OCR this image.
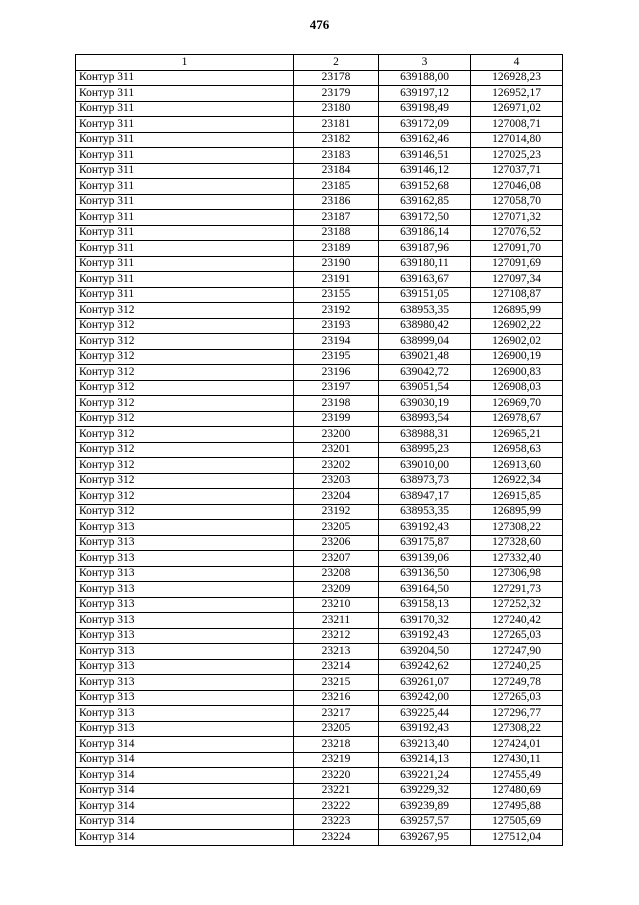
476
1	2	3	4
Контур 311	23178	639188,00	126928,23
Контур 311	23179	639197,12	126952,17
Контур 311	23180	639198,49	126971,02
Контур 311	23181	639172,09	127008,71
Контур 311	23182	639162,46	127014,80
Контур 311	23183	639146,51	127025,23
Контур 311	23184	639146,12	127037,71
Контур 311	23185	639152,68	127046,08
Контур 311	23186	639162,85	127058,70
Контур 311	23187	639172,50	127071,32
Контур 311	23188	639186,14	127076,52
Контур 311	23189	639187,96	127091,70
Контур 311	23190	639180,11	127091,69
Контур 311	23191	639163,67	127097,34
Контур 311	23155	639151,05	127108,87
Контур 312	23192	638953,35	126895,99
Контур 312	23193	638980,42	126902,22
Контур 312	23194	638999,04	126902,02
Контур 312	23195	639021,48	126900,19
Контур 312	23196	639042,72	126900,83
Контур 312	23197	639051,54	126908,03
Контур 312	23198	639030,19	126969,70
Контур 312	23199	638993,54	126978,67
Контур 312	23200	638988,31	126965,21
Контур 312	23201	638995,23	126958,63
Контур 312	23202	639010,00	126913,60
Контур 312	23203	638973,73	126922,34
Контур 312	23204	638947,17	126915,85
Контур 312	23192	638953,35	126895,99
Контур 313	23205	639192,43	127308,22
Контур 313	23206	639175,87	127328,60
Контур 313	23207	639139,06	127332,40
Контур 313	23208	639136,50	127306,98
Контур 313	23209	639164,50	127291,73
Контур 313	23210	639158,13	127252,32
Контур 313	23211	639170,32	127240,42
Контур 313	23212	639192,43	127265,03
Контур 313	23213	639204,50	127247,90
Контур 313	23214	639242,62	127240,25
Контур 313	23215	639261,07	127249,78
Контур 313	23216	639242,00	127265,03
Контур 313	23217	639225,44	127296,77
Контур 313	23205	639192,43	127308,22
Контур 314	23218	639213,40	127424,01
Контур 314	23219	639214,13	127430,11
Контур 314	23220	639221,24	127455,49
Контур 314	23221	639229,32	127480,69
Контур 314	23222	639239,89	127495,88
Контур 314	23223	639257,57	127505,69
Контур 314	23224	639267,95	127512,04
